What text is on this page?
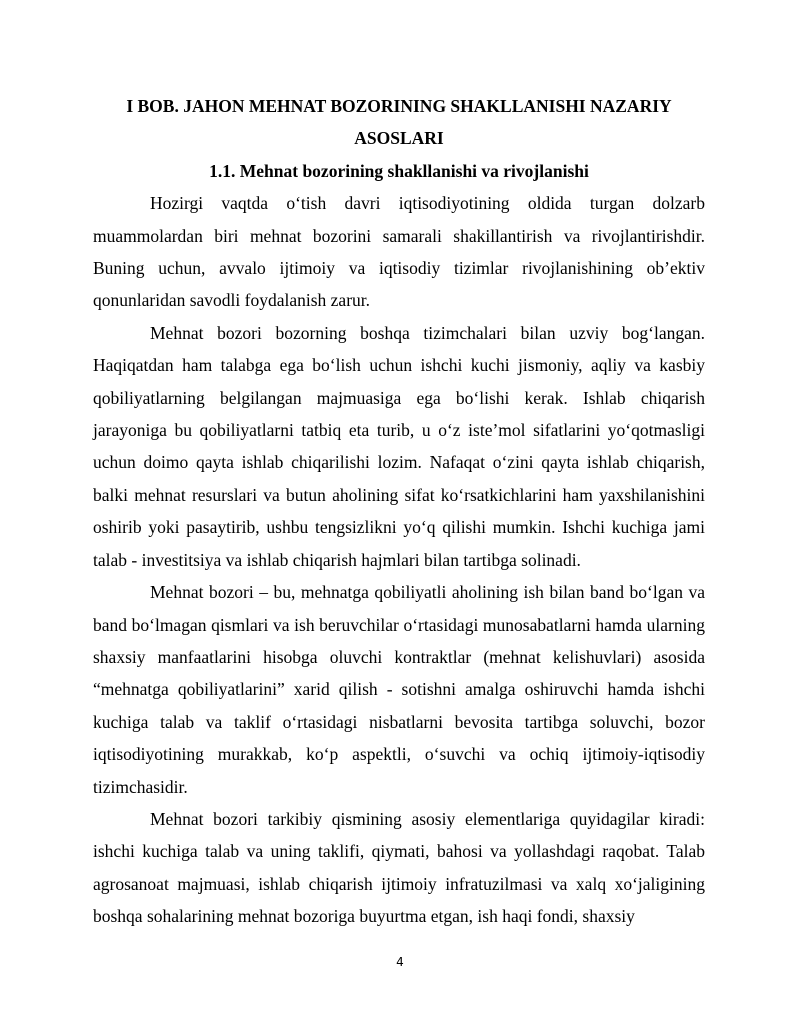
I BOB. JAHON MEHNAT BOZORINING SHAKLLANISHI NAZARIY ASOSLARI
1.1. Mehnat bozorining shakllanishi va rivojlanishi

Hozirgi vaqtda o‘tish davri iqtisodiyotining oldida turgan dolzarb muammolardan biri mehnat bozorini samarali shakillantirish va rivojlantirishdir. Buning uchun, avvalo ijtimoiy va iqtisodiy tizimlar rivojlanishining ob’ektiv qonunlaridan savodli foydalanish zarur.

Mehnat bozori bozorning boshqa tizimchalari bilan uzviy bog‘langan. Haqiqatdan ham talabga ega bo‘lish uchun ishchi kuchi jismoniy, aqliy va kasbiy qobiliyatlarning belgilangan majmuasiga ega bo‘lishi kerak. Ishlab chiqarish jarayoniga bu qobiliyatlarni tatbiq eta turib, u o‘z iste’mol sifatlarini yo‘qotmasligi uchun doimo qayta ishlab chiqarilishi lozim. Nafaqat o‘zini qayta ishlab chiqarish, balki mehnat resurslari va butun aholining sifat ko‘rsatkichlarini ham yaxshilanishini oshirib yoki pasaytirib, ushbu tengsizlikni yo‘q qilishi mumkin. Ishchi kuchiga jami talab - investitsiya va ishlab chiqarish hajmlari bilan tartibga solinadi.

Mehnat bozori – bu, mehnatga qobiliyatli aholining ish bilan band bo‘lgan va band bo‘lmagan qismlari va ish beruvchilar o‘rtasidagi munosabatlarni hamda ularning shaxsiy manfaatlarini hisobga oluvchi kontraktlar (mehnat kelishuvlari) asosida “mehnatga qobiliyatlarini” xarid qilish - sotishni amalga oshiruvchi hamda ishchi kuchiga talab va taklif o‘rtasidagi nisbatlarni bevosita tartibga soluvchi, bozor iqtisodiyotining murakkab, ko‘p aspektli, o‘suvchi va ochiq ijtimoiy-iqtisodiy tizimchasidir.

Mehnat bozori tarkibiy qismining asosiy elementlariga quyidagilar kiradi: ishchi kuchiga talab va uning taklifi, qiymati, bahosi va yollashdagi raqobat. Talab agrosanoat majmuasi, ishlab chiqarish ijtimoiy infratuzilmasi va xalq xo‘jaligining boshqa sohalarining mehnat bozoriga buyurtma etgan, ish haqi fondi, shaxsiy

4
